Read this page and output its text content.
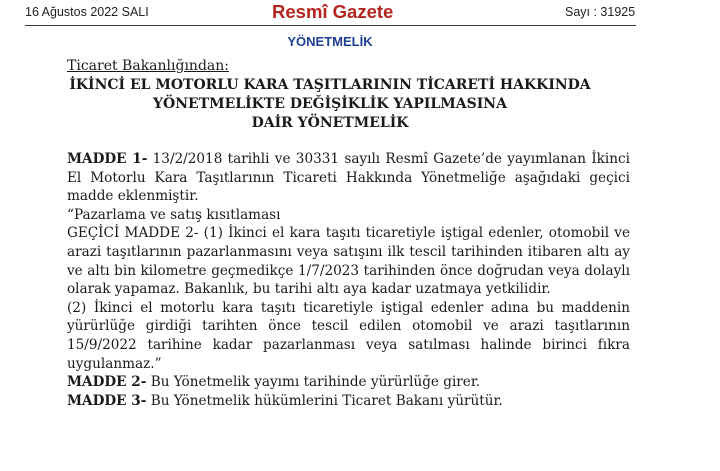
16 Ağustos 2022 SALI	Resmî Gazete	Sayı : 31925
YÖNETMELİK
Ticaret Bakanlığından:
İKİNCİ EL MOTORLU KARA TAŞITLARININ TİCARETİ HAKKINDA
YÖNETMELİKTE DEĞİŞİKLİK YAPILMASINA
DAİR YÖNETMELİK

MADDE 1- 13/2/2018 tarihli ve 30331 sayılı Resmî Gazete’de yayımlanan İkinci El Motorlu Kara Taşıtlarının Ticareti Hakkında Yönetmeliğe aşağıdaki geçici madde eklenmiştir.

“Pazarlama ve satış kısıtlaması

GEÇİCİ MADDE 2- (1) İkinci el kara taşıtı ticaretiyle iştigal edenler, otomobil ve arazi taşıtlarının pazarlanmasını veya satışını ilk tescil tarihinden itibaren altı ay ve altı bin kilometre geçmedikçe 1/7/2023 tarihinden önce doğrudan veya dolaylı olarak yapamaz. Bakanlık, bu tarihi altı aya kadar uzatmaya yetkilidir.

(2) İkinci el motorlu kara taşıtı ticaretiyle iştigal edenler adına bu maddenin yürürlüğe girdiği tarihten önce tescil edilen otomobil ve arazi taşıtlarının 15/9/2022 tarihine kadar pazarlanması veya satılması halinde birinci fıkra uygulanmaz.”

MADDE 2- Bu Yönetmelik yayımı tarihinde yürürlüğe girer.

MADDE 3- Bu Yönetmelik hükümlerini Ticaret Bakanı yürütür.
